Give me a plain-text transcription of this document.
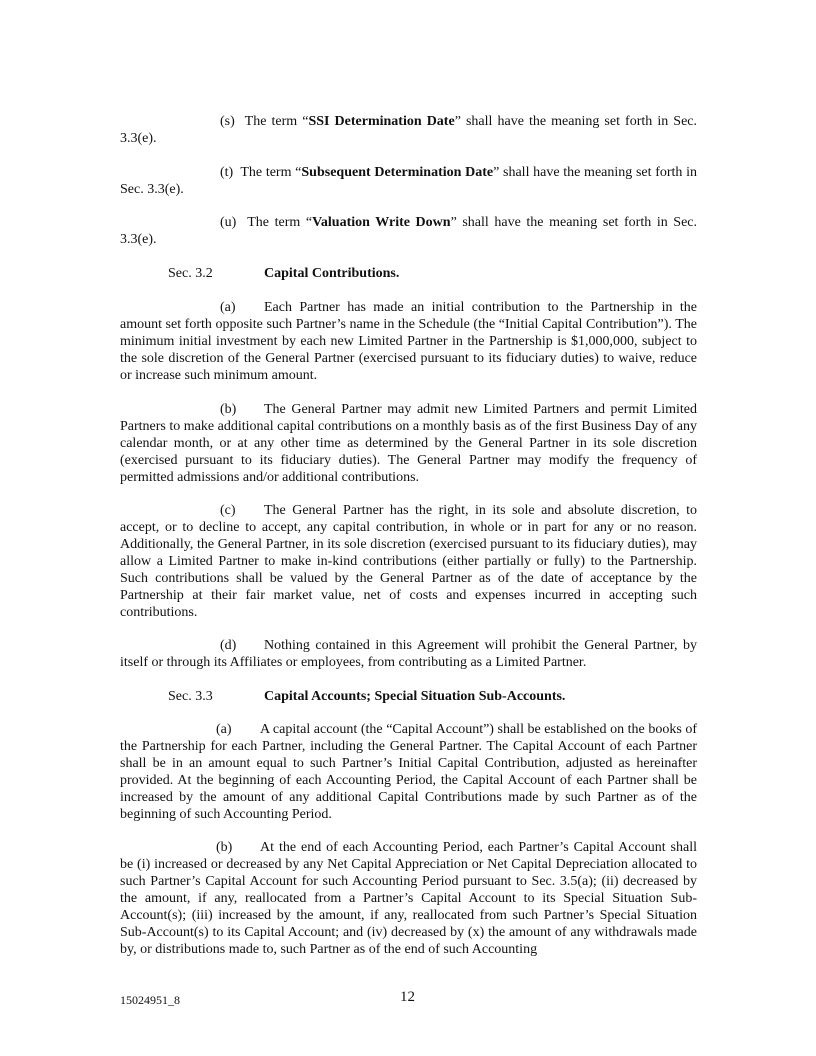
(s) The term “SSI Determination Date” shall have the meaning set forth in Sec. 3.3(e).

(t) The term “Subsequent Determination Date” shall have the meaning set forth in Sec. 3.3(e).

(u) The term “Valuation Write Down” shall have the meaning set forth in Sec. 3.3(e).

Sec. 3.2	Capital Contributions.

(a) Each Partner has made an initial contribution to the Partnership in the amount set forth opposite such Partner’s name in the Schedule (the “Initial Capital Contribution”). The minimum initial investment by each new Limited Partner in the Partnership is $1,000,000, subject to the sole discretion of the General Partner (exercised pursuant to its fiduciary duties) to waive, reduce or increase such minimum amount.

(b) The General Partner may admit new Limited Partners and permit Limited Partners to make additional capital contributions on a monthly basis as of the first Business Day of any calendar month, or at any other time as determined by the General Partner in its sole discretion (exercised pursuant to its fiduciary duties). The General Partner may modify the frequency of permitted admissions and/or additional contributions.

(c) The General Partner has the right, in its sole and absolute discretion, to accept, or to decline to accept, any capital contribution, in whole or in part for any or no reason. Additionally, the General Partner, in its sole discretion (exercised pursuant to its fiduciary duties), may allow a Limited Partner to make in-kind contributions (either partially or fully) to the Partnership. Such contributions shall be valued by the General Partner as of the date of acceptance by the Partnership at their fair market value, net of costs and expenses incurred in accepting such contributions.

(d) Nothing contained in this Agreement will prohibit the General Partner, by itself or through its Affiliates or employees, from contributing as a Limited Partner.

Sec. 3.3	Capital Accounts; Special Situation Sub-Accounts.

(a) A capital account (the “Capital Account”) shall be established on the books of the Partnership for each Partner, including the General Partner. The Capital Account of each Partner shall be in an amount equal to such Partner’s Initial Capital Contribution, adjusted as hereinafter provided. At the beginning of each Accounting Period, the Capital Account of each Partner shall be increased by the amount of any additional Capital Contributions made by such Partner as of the beginning of such Accounting Period.

(b) At the end of each Accounting Period, each Partner’s Capital Account shall be (i) increased or decreased by any Net Capital Appreciation or Net Capital Depreciation allocated to such Partner’s Capital Account for such Accounting Period pursuant to Sec. 3.5(a); (ii) decreased by the amount, if any, reallocated from a Partner’s Capital Account to its Special Situation Sub-Account(s); (iii) increased by the amount, if any, reallocated from such Partner’s Special Situation Sub-Account(s) to its Capital Account; and (iv) decreased by (x) the amount of any withdrawals made by, or distributions made to, such Partner as of the end of such Accounting

15024951_8	12
